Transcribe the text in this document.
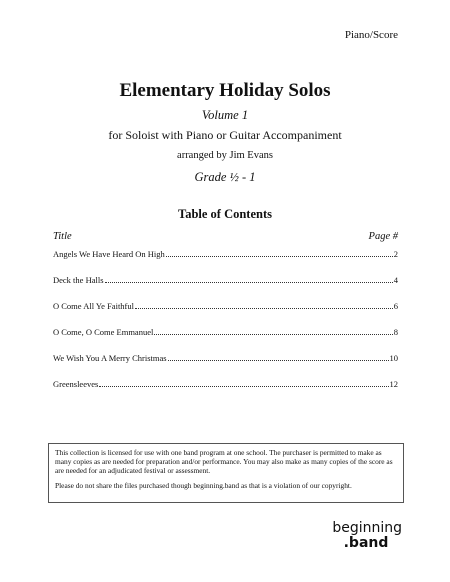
Piano/Score
Elementary Holiday Solos
Volume 1
for Soloist with Piano or Guitar Accompaniment
arranged by Jim Evans
Grade ½ - 1
Table of Contents
Title	Page #
Angels We Have Heard On High	2
Deck the Halls	4
O Come All Ye Faithful	6
O Come, O Come Emmanuel	8
We Wish You A Merry Christmas	10
Greensleeves	12

This collection is licensed for use with one band program at one school. The purchaser is permitted to make as many copies as are needed for preparation and/or performance. You may also make as many copies of the score as are needed for an adjudicated festival or assessment.

Please do not share the files purchased though beginning.band as that is a violation of our copyright.

beginning
.band
